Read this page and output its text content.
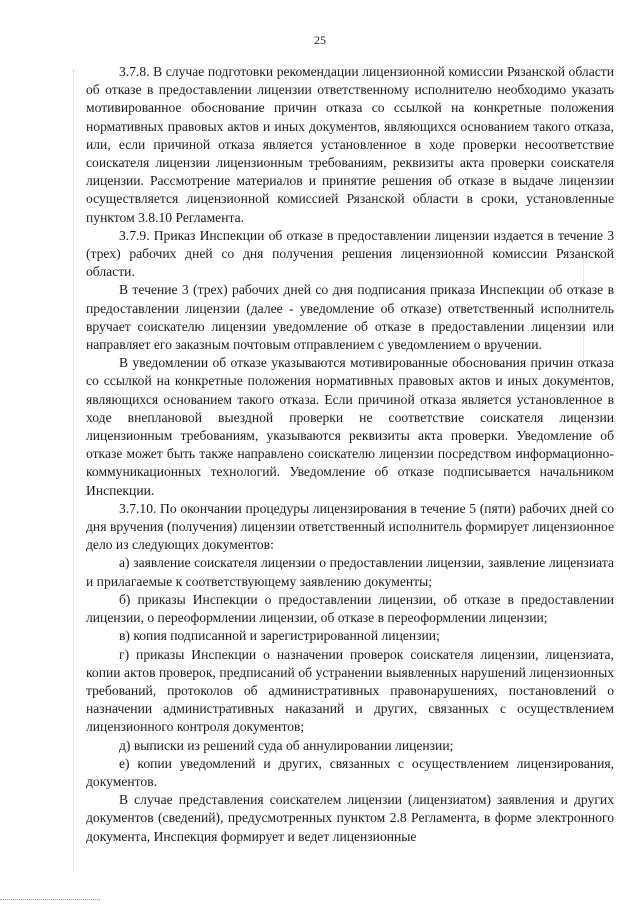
25

3.7.8. В случае подготовки рекомендации лицензионной комиссии Рязанской области об отказе в предоставлении лицензии ответственному исполнителю необходимо указать мотивированное обоснование причин отказа со ссылкой на конкретные положения нормативных правовых актов и иных документов, являющихся основанием такого отказа, или, если причиной отказа является установленное в ходе проверки несоответствие соискателя лицензии лицензионным требованиям, реквизиты акта проверки соискателя лицензии. Рассмотрение материалов и принятие решения об отказе в выдаче лицензии осуществляется лицензионной комиссией Рязанской области в сроки, установленные пунктом 3.8.10 Регламента.

3.7.9. Приказ Инспекции об отказе в предоставлении лицензии издается в течение 3 (трех) рабочих дней со дня получения решения лицензионной комиссии Рязанской области.

В течение 3 (трех) рабочих дней со дня подписания приказа Инспекции об отказе в предоставлении лицензии (далее - уведомление об отказе) ответственный исполнитель вручает соискателю лицензии уведомление об отказе в предоставлении лицензии или направляет его заказным почтовым отправлением с уведомлением о вручении.

В уведомлении об отказе указываются мотивированные обоснования причин отказа со ссылкой на конкретные положения нормативных правовых актов и иных документов, являющихся основанием такого отказа. Если причиной отказа является установленное в ходе внеплановой выездной проверки не соответствие соискателя лицензии лицензионным требованиям, указываются реквизиты акта проверки. Уведомление об отказе может быть также направлено соискателю лицензии посредством информационно-коммуникационных технологий. Уведомление об отказе подписывается начальником Инспекции.

3.7.10. По окончании процедуры лицензирования в течение 5 (пяти) рабочих дней со дня вручения (получения) лицензии ответственный исполнитель формирует лицензионное дело из следующих документов:

а) заявление соискателя лицензии о предоставлении лицензии, заявление лицензиата и прилагаемые к соответствующему заявлению документы;

б) приказы Инспекции о предоставлении лицензии, об отказе в предоставлении лицензии, о переоформлении лицензии, об отказе в переоформлении лицензии;

в) копия подписанной и зарегистрированной лицензии;

г) приказы Инспекции о назначении проверок соискателя лицензии, лицензиата, копии актов проверок, предписаний об устранении выявленных нарушений лицензионных требований, протоколов об административных правонарушениях, постановлений о назначении административных наказаний и других, связанных с осуществлением лицензионного контроля документов;

д) выписки из решений суда об аннулировании лицензии;

е) копии уведомлений и других, связанных с осуществлением лицензирования, документов.

В случае представления соискателем лицензии (лицензиатом) заявления и других документов (сведений), предусмотренных пунктом 2.8 Регламента, в форме электронного документа, Инспекция формирует и ведет лицензионные
